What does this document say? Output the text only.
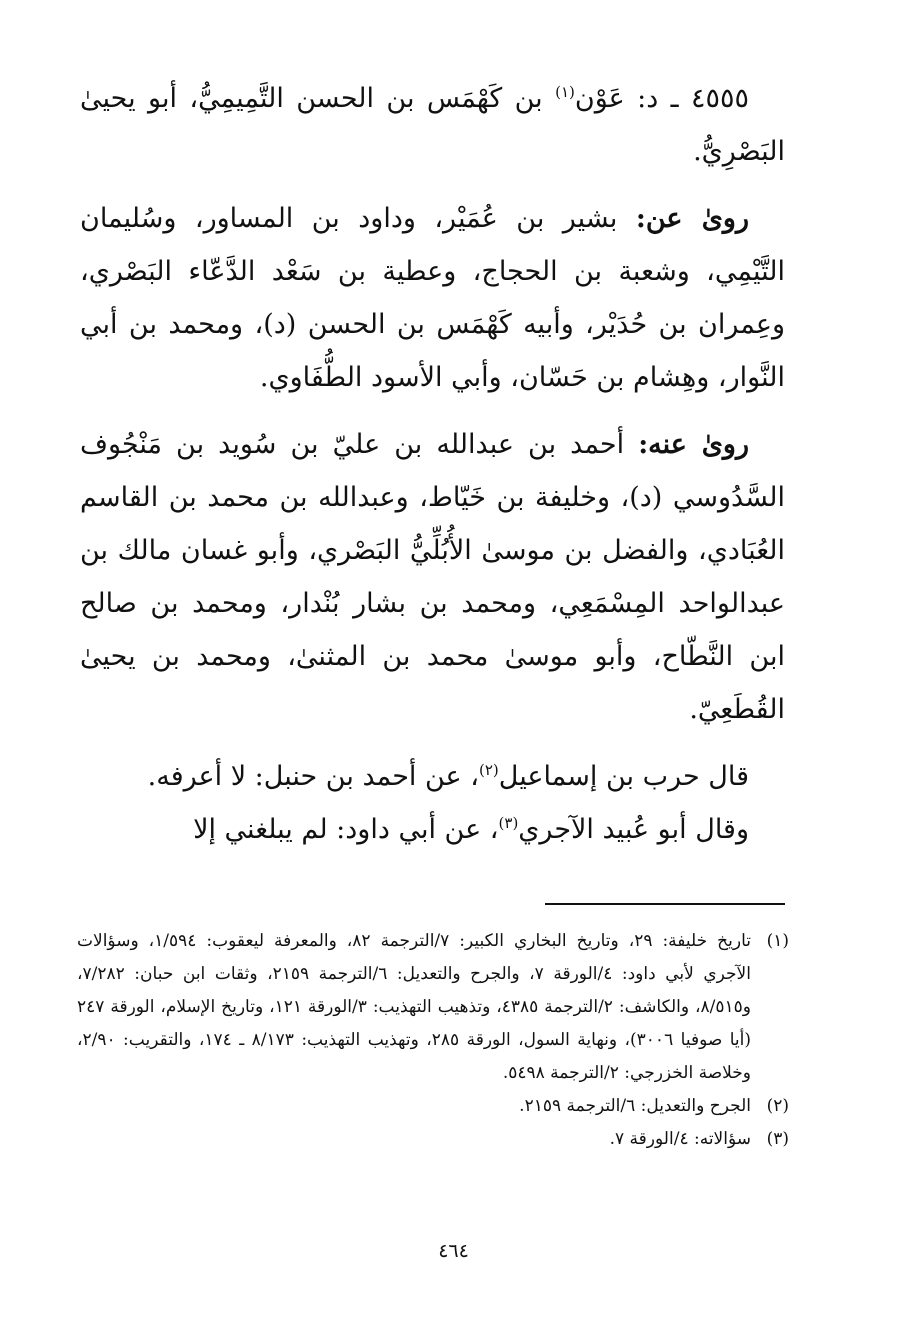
٤٥٥٥ ـ د: عَوْن$^{(١)}$ بن كَهْمَس بن الحسن التَّمِيمِيُّ، أبو يحيىٰ البَصْرِيُّ.

روىٰ عن: بشير بن عُمَيْر، وداود بن المساور، وسُليمان التَّيْمِي، وشعبة بن الحجاج، وعطية بن سَعْد الدَّعّاء البَصْري، وعِمران بن حُدَيْر، وأبيه كَهْمَس بن الحسن (د)، ومحمد بن أبي النَّوار، وهِشام بن حَسّان، وأبي الأسود الطُّفَاوي.

روىٰ عنه: أحمد بن عبدالله بن عليّ بن سُويد بن مَنْجُوف السَّدُوسي (د)، وخليفة بن خَيّاط، وعبدالله بن محمد بن القاسم العُبَادي، والفضل بن موسىٰ الأُبُلِّيُّ البَصْري، وأبو غسان مالك بن عبدالواحد المِسْمَعِي، ومحمد بن بشار بُنْدار، ومحمد بن صالح ابن النَّطّاح، وأبو موسىٰ محمد بن المثنىٰ، ومحمد بن يحيىٰ القُطَعِيّ.

قال حرب بن إسماعيل$^{(٢)}$، عن أحمد بن حنبل: لا أعرفه.

وقال أبو عُبيد الآجري$^{(٣)}$، عن أبي داود: لم يبلغني إلا

(١)
تاريخ خليفة: ٢٩، وتاريخ البخاري الكبير: ٧/الترجمة ٨٢، والمعرفة ليعقوب: ١/٥٩٤، وسؤالات الآجري لأبي داود: ٤/الورقة ٧، والجرح والتعديل: ٦/الترجمة ٢١٥٩، وثقات ابن حبان: ٧/٢٨٢، و٨/٥١٥، والكاشف: ٢/الترجمة ٤٣٨٥، وتذهيب التهذيب: ٣/الورقة ١٢١، وتاريخ الإسلام، الورقة ٢٤٧ (أيا صوفيا ٣٠٠٦)، ونهاية السول، الورقة ٢٨٥، وتهذيب التهذيب: ٨/١٧٣ ـ ١٧٤، والتقريب: ٢/٩٠، وخلاصة الخزرجي: ٢/الترجمة ٥٤٩٨.
(٢)
الجرح والتعديل: ٦/الترجمة ٢١٥٩.
(٣)
سؤالاته: ٤/الورقة ٧.
٤٦٤
